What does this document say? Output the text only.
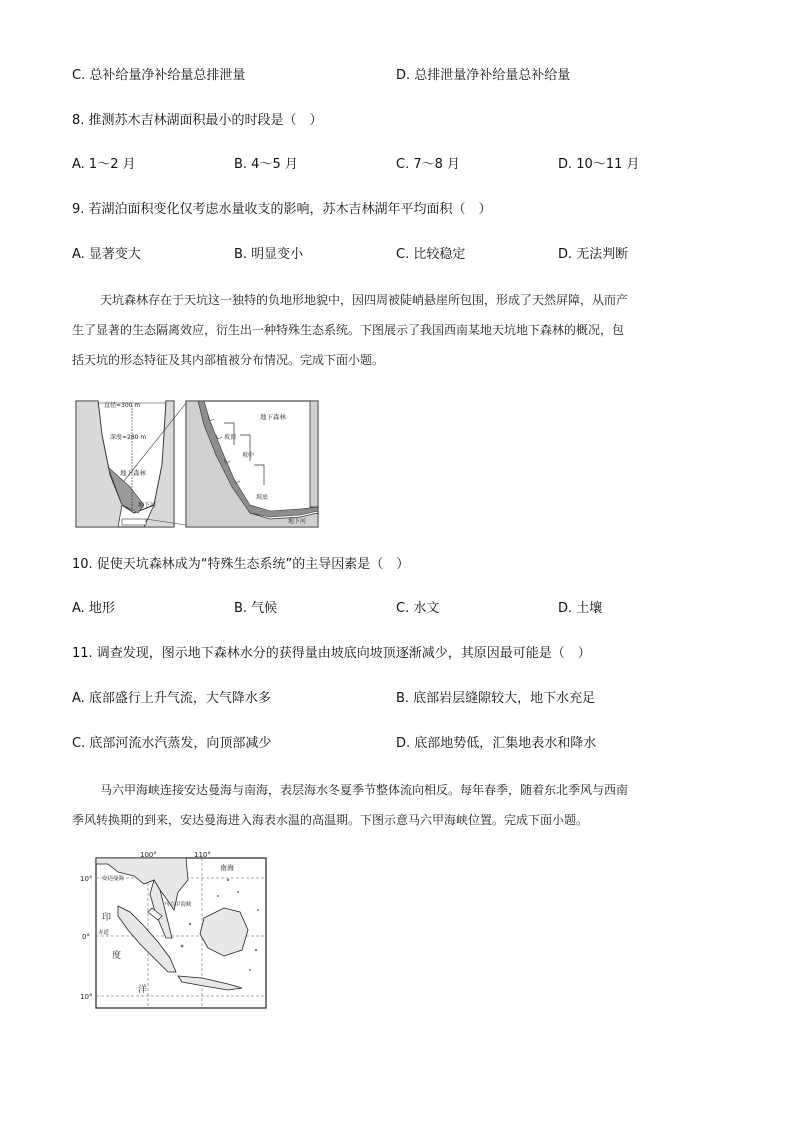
C. 总补给量净补给量总排泄量	D. 总排泄量净补给量总补给量
8. 推测苏木吉林湖面积最小的时段是（　）
A. 1～2 月	B. 4～5 月	C. 7～8 月	D. 10～11 月
9. 若湖泊面积变化仅考虑水量收支的影响，苏木吉林湖年平均面积（　）
A. 显著变大	B. 明显变小	C. 比较稳定	D. 无法判断
天坑森林存在于天坑这一独特的负地形地貌中，因四周被陡峭悬崖所包围，形成了天然屏障，从而产
生了显著的生态隔离效应，衍生出一种特殊生态系统。下图展示了我国西南某地天坑地下森林的概况，包
括天坑的形态特征及其内部植被分布情况。完成下面小题。
直径≈300 m
深度≈280 m
地下森林
地下河
地下森林
坡顶
坡中
坡底
地下河
10. 促使天坑森林成为“特殊生态系统”的主导因素是（　）
A. 地形	B. 气候	C. 水文	D. 土壤
11. 调查发现，图示地下森林水分的获得量由坡底向坡顶逐渐减少，其原因最可能是（　）
A. 底部盛行上升气流，大气降水多	B. 底部岩层缝隙较大，地下水充足
C. 底部河流水汽蒸发，向顶部减少	D. 底部地势低，汇集地表水和降水
马六甲海峡连接安达曼海与南海，表层海水冬夏季节整体流向相反。每年春季，随着东北季风与西南
季风转换期的到来，安达曼海进入海表水温的高温期。下图示意马六甲海峡位置。完成下面小题。
100°	110°
10°
0°
10°
南海
安达曼海
马六甲海峡
赤道
印
度
洋
